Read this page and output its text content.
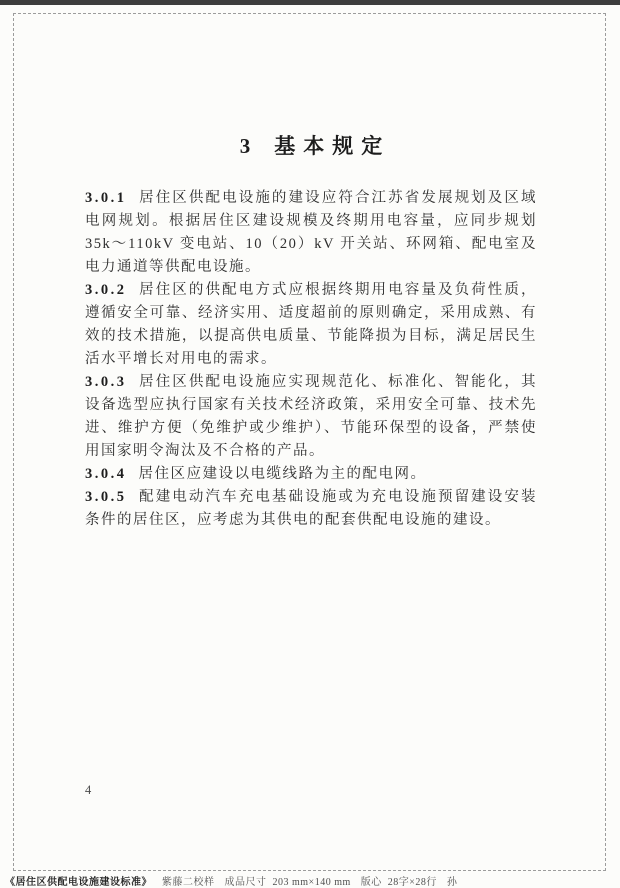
3 基本规定
3.0.1 居住区供配电设施的建设应符合江苏省发展规划及区域电网规划。根据居住区建设规模及终期用电容量，应同步规划35k～110kV 变电站、10（20）kV 开关站、环网箱、配电室及电力通道等供配电设施。
3.0.2 居住区的供配电方式应根据终期用电容量及负荷性质，遵循安全可靠、经济实用、适度超前的原则确定，采用成熟、有效的技术措施，以提高供电质量、节能降损为目标，满足居民生活水平增长对用电的需求。
3.0.3 居住区供配电设施应实现规范化、标准化、智能化，其设备选型应执行国家有关技术经济政策，采用安全可靠、技术先进、维护方便（免维护或少维护）、节能环保型的设备，严禁使用国家明令淘汰及不合格的产品。
3.0.4 居住区应建设以电缆线路为主的配电网。
3.0.5 配建电动汽车充电基础设施或为充电设施预留建设安装条件的居住区，应考虑为其供电的配套供配电设施的建设。
4
《居住区供配电设施建设标准》 紫藤二校样 成品尺寸 203 mm×140 mm 版心 28字×28行 孙
